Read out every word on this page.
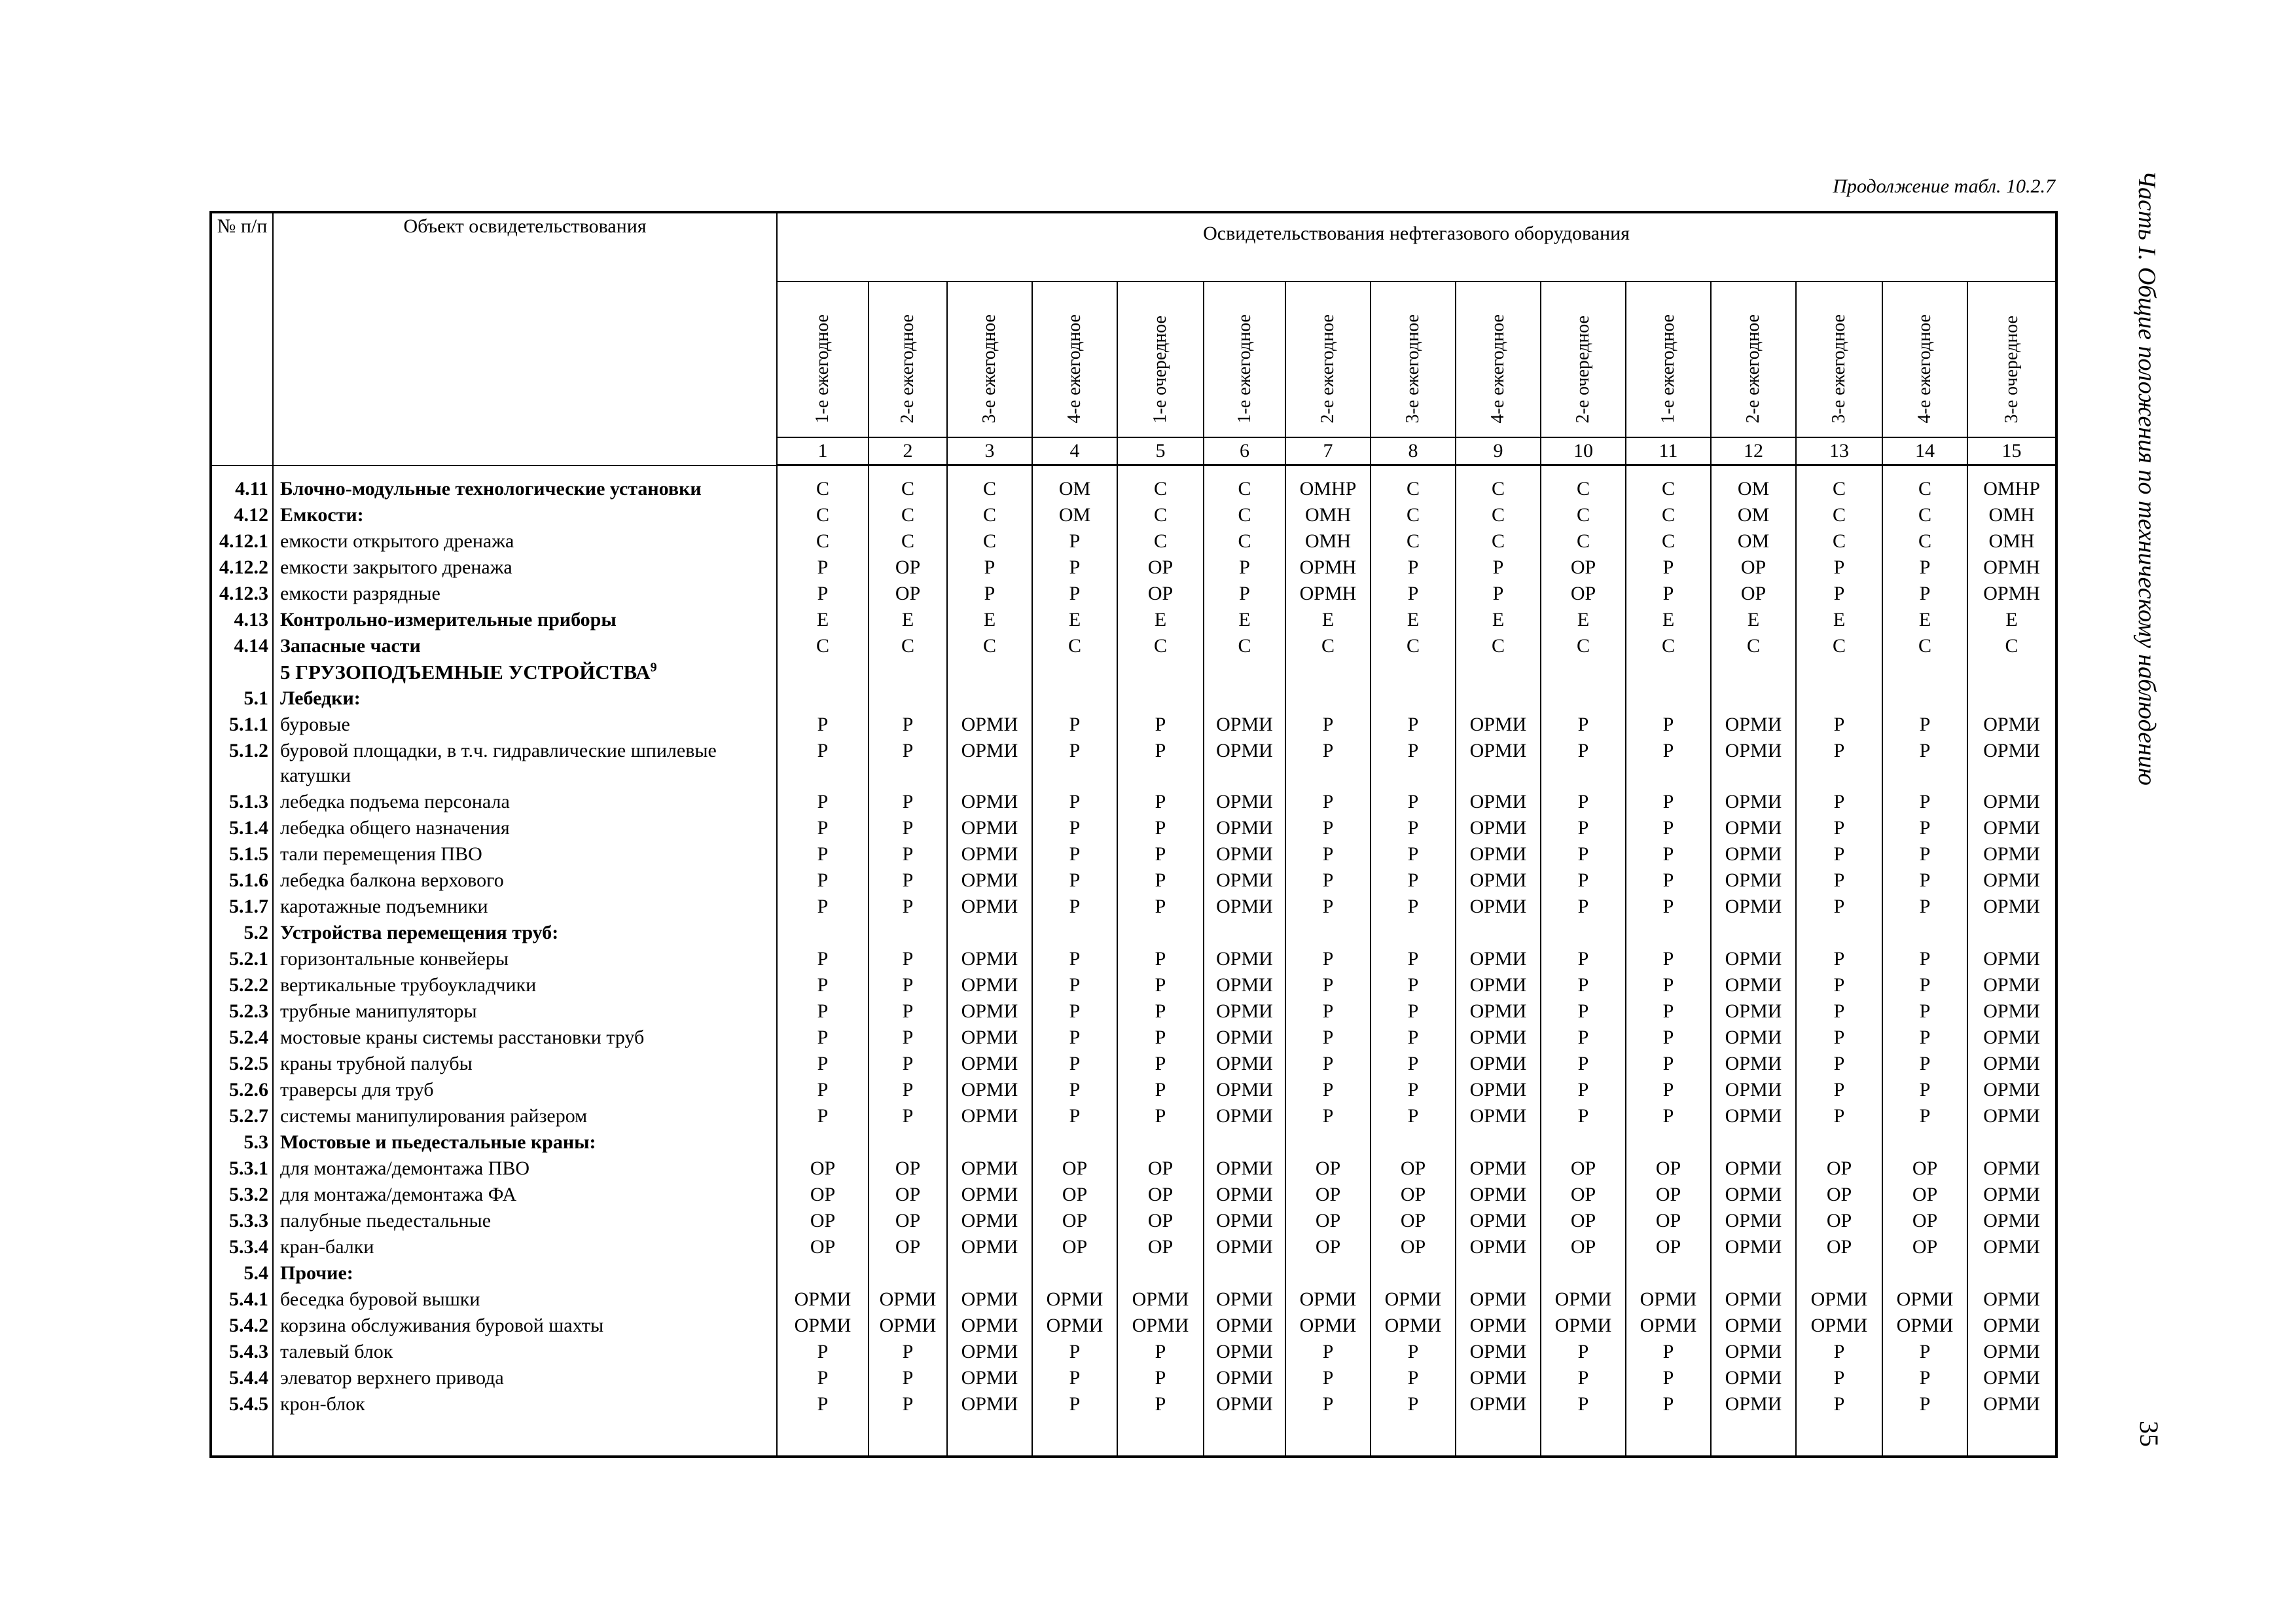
Продолжение табл. 10.2.7	Часть I. Общие положения по техническому наблюдению
35
№ п/п	Объект освидетельствования	Освидетельствования нефтегазового оборудования														
		1-е ежегодное	2-е ежегодное	3-е ежегодное	4-е ежегодное	1-е очередное	1-е ежегодное	2-е ежегодное	3-е ежегодное	4-е ежегодное	2-е очередное	1-е ежегодное	2-е ежегодное	3-е ежегодное	4-е ежегодное	3-е очередное
		1	2	3	4	5	6	7	8	9	10	11	12	13	14	15
4.11	Блочно-модульные технологические установки	С	С	С	ОМ	С	С	ОМНР	С	С	С	С	ОМ	С	С	ОМНР
4.12	Емкости:	С	С	С	ОМ	С	С	ОМН	С	С	С	С	ОМ	С	С	ОМН
4.12.1	емкости открытого дренажа	С	С	С	Р	С	С	ОМН	С	С	С	С	ОМ	С	С	ОМН
4.12.2	емкости закрытого дренажа	Р	ОР	Р	Р	ОР	Р	ОРМН	Р	Р	ОР	Р	ОР	Р	Р	ОРМН
4.12.3	емкости разрядные	Р	ОР	Р	Р	ОР	Р	ОРМН	Р	Р	ОР	Р	ОР	Р	Р	ОРМН
4.13	Контрольно-измерительные приборы	Е	Е	Е	Е	Е	Е	Е	Е	Е	Е	Е	Е	Е	Е	Е
4.14	Запасные части	С	С	С	С	С	С	С	С	С	С	С	С	С	С	С
	5 ГРУЗОПОДЪЕМНЫЕ УСТРОЙСТВА$^9$															
5.1	Лебедки:															
5.1.1	буровые	Р	Р	ОРМИ	Р	Р	ОРМИ	Р	Р	ОРМИ	Р	Р	ОРМИ	Р	Р	ОРМИ
5.1.2	буровой площадки, в т.ч. гидравлические шпилевые катушки	Р	Р	ОРМИ	Р	Р	ОРМИ	Р	Р	ОРМИ	Р	Р	ОРМИ	Р	Р	ОРМИ
5.1.3	лебедка подъема персонала	Р	Р	ОРМИ	Р	Р	ОРМИ	Р	Р	ОРМИ	Р	Р	ОРМИ	Р	Р	ОРМИ
5.1.4	лебедка общего назначения	Р	Р	ОРМИ	Р	Р	ОРМИ	Р	Р	ОРМИ	Р	Р	ОРМИ	Р	Р	ОРМИ
5.1.5	тали перемещения ПВО	Р	Р	ОРМИ	Р	Р	ОРМИ	Р	Р	ОРМИ	Р	Р	ОРМИ	Р	Р	ОРМИ
5.1.6	лебедка балкона верхового	Р	Р	ОРМИ	Р	Р	ОРМИ	Р	Р	ОРМИ	Р	Р	ОРМИ	Р	Р	ОРМИ
5.1.7	каротажные подъемники	Р	Р	ОРМИ	Р	Р	ОРМИ	Р	Р	ОРМИ	Р	Р	ОРМИ	Р	Р	ОРМИ
5.2	Устройства перемещения труб:															
5.2.1	горизонтальные конвейеры	Р	Р	ОРМИ	Р	Р	ОРМИ	Р	Р	ОРМИ	Р	Р	ОРМИ	Р	Р	ОРМИ
5.2.2	вертикальные трубоукладчики	Р	Р	ОРМИ	Р	Р	ОРМИ	Р	Р	ОРМИ	Р	Р	ОРМИ	Р	Р	ОРМИ
5.2.3	трубные манипуляторы	Р	Р	ОРМИ	Р	Р	ОРМИ	Р	Р	ОРМИ	Р	Р	ОРМИ	Р	Р	ОРМИ
5.2.4	мостовые краны системы расстановки труб	Р	Р	ОРМИ	Р	Р	ОРМИ	Р	Р	ОРМИ	Р	Р	ОРМИ	Р	Р	ОРМИ
5.2.5	краны трубной палубы	Р	Р	ОРМИ	Р	Р	ОРМИ	Р	Р	ОРМИ	Р	Р	ОРМИ	Р	Р	ОРМИ
5.2.6	траверсы для труб	Р	Р	ОРМИ	Р	Р	ОРМИ	Р	Р	ОРМИ	Р	Р	ОРМИ	Р	Р	ОРМИ
5.2.7	системы манипулирования райзером	Р	Р	ОРМИ	Р	Р	ОРМИ	Р	Р	ОРМИ	Р	Р	ОРМИ	Р	Р	ОРМИ
5.3	Мостовые и пьедестальные краны:															
5.3.1	для монтажа/демонтажа ПВО	ОР	ОР	ОРМИ	ОР	ОР	ОРМИ	ОР	ОР	ОРМИ	ОР	ОР	ОРМИ	ОР	ОР	ОРМИ
5.3.2	для монтажа/демонтажа ФА	ОР	ОР	ОРМИ	ОР	ОР	ОРМИ	ОР	ОР	ОРМИ	ОР	ОР	ОРМИ	ОР	ОР	ОРМИ
5.3.3	палубные пьедестальные	ОР	ОР	ОРМИ	ОР	ОР	ОРМИ	ОР	ОР	ОРМИ	ОР	ОР	ОРМИ	ОР	ОР	ОРМИ
5.3.4	кран-балки	ОР	ОР	ОРМИ	ОР	ОР	ОРМИ	ОР	ОР	ОРМИ	ОР	ОР	ОРМИ	ОР	ОР	ОРМИ
5.4	Прочие:															
5.4.1	беседка буровой вышки	ОРМИ	ОРМИ	ОРМИ	ОРМИ	ОРМИ	ОРМИ	ОРМИ	ОРМИ	ОРМИ	ОРМИ	ОРМИ	ОРМИ	ОРМИ	ОРМИ	ОРМИ
5.4.2	корзина обслуживания буровой шахты	ОРМИ	ОРМИ	ОРМИ	ОРМИ	ОРМИ	ОРМИ	ОРМИ	ОРМИ	ОРМИ	ОРМИ	ОРМИ	ОРМИ	ОРМИ	ОРМИ	ОРМИ
5.4.3	талевый блок	Р	Р	ОРМИ	Р	Р	ОРМИ	Р	Р	ОРМИ	Р	Р	ОРМИ	Р	Р	ОРМИ
5.4.4	элеватор верхнего привода	Р	Р	ОРМИ	Р	Р	ОРМИ	Р	Р	ОРМИ	Р	Р	ОРМИ	Р	Р	ОРМИ
5.4.5	крон-блок	Р	Р	ОРМИ	Р	Р	ОРМИ	Р	Р	ОРМИ	Р	Р	ОРМИ	Р	Р	ОРМИ
